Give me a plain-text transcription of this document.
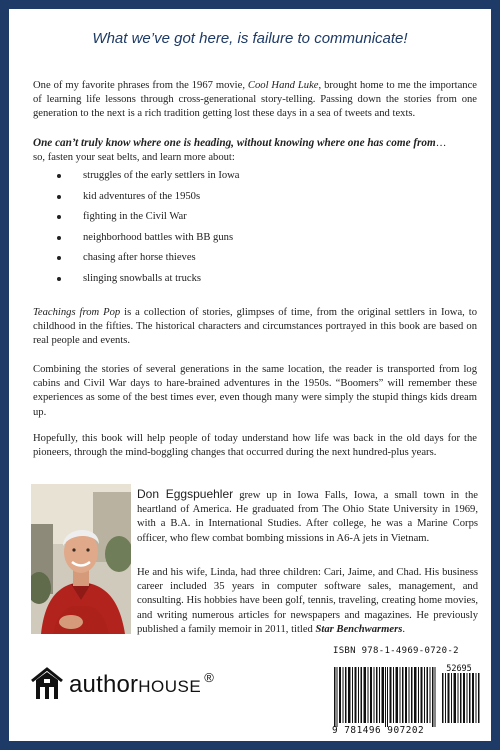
What we’ve got here, is failure to communicate!

One of my favorite phrases from the 1967 movie, Cool Hand Luke, brought home to me the importance of learning life lessons through cross-generational story-telling. Passing down the stories from one generation to the next is a rich tradition getting lost these days in a sea of tweets and texts.

One can’t truly know where one is heading, without knowing where one has come from…
so, fasten your seat belts, and learn more about:

struggles of the early settlers in Iowa
kid adventures of the 1950s
fighting in the Civil War
neighborhood battles with BB guns
chasing after horse thieves
slinging snowballs at trucks

Teachings from Pop is a collection of stories, glimpses of time, from the original settlers in Iowa, to childhood in the fifties. The historical characters and circumstances portrayed in this book are based on real people and events.

Combining the stories of several generations in the same location, the reader is transported from log cabins and Civil War days to hare-brained adventures in the 1950s. “Boomers” will remember these experiences as some of the best times ever, even though many were simply the stupid things kids dream up.

Hopefully, this book will help people of today understand how life was back in the old days for the pioneers, through the mind-boggling changes that occurred during the next hundred-plus years.

Don Eggspuehler grew up in Iowa Falls, Iowa, a small town in the heartland of America. He graduated from The Ohio State University in 1969, with a B.A. in International Studies. After college, he was a Marine Corps officer, who flew combat bombing missions in A6-A jets in Vietnam.

He and his wife, Linda, had three children: Cari, Jaime, and Chad. His business career included 35 years in computer software sales, management, and consulting. His hobbies have been golf, tennis, traveling, creating home movies, and writing numerous articles for newspapers and magazines. He previously published a family memoir in 2011, titled Star Benchwarmers.

authorHOUSE ®
ISBN 978-1-4969-0720-2
52695
9 781496 907202
